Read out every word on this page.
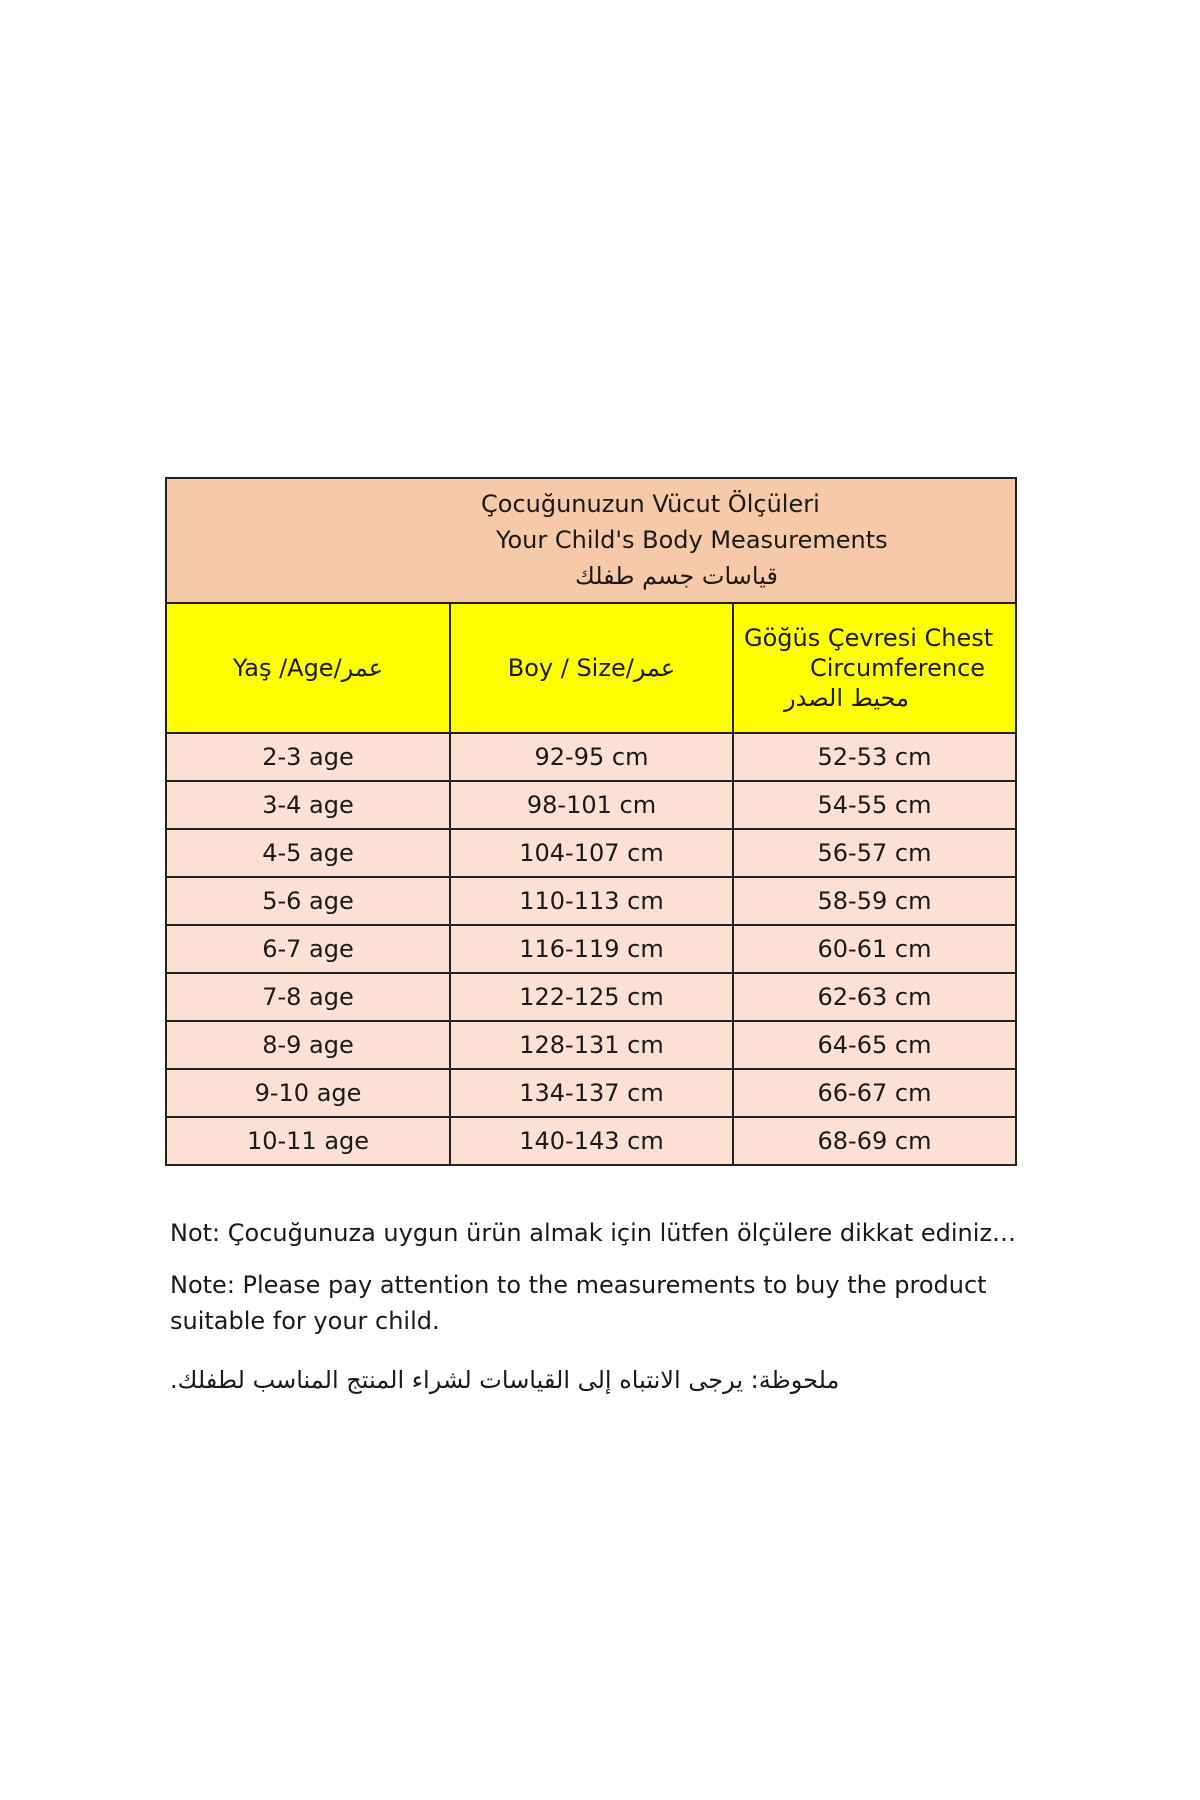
Çocuğunuzun Vücut Ölçüleri
Your Child's Body Measurements
قياسات جسم طفلك
Yaş /Age/عمر	Boy / Size/عمر	Göğüs Çevresi Chest
Circumference
محيط الصدر

2-3 age	92-95 cm	52-53 cm
3-4 age	98-101 cm	54-55 cm
4-5 age	104-107 cm	56-57 cm
5-6 age	110-113 cm	58-59 cm
6-7 age	116-119 cm	60-61 cm
7-8 age	122-125 cm	62-63 cm
8-9 age	128-131 cm	64-65 cm
9-10 age	134-137 cm	66-67 cm
10-11 age	140-143 cm	68-69 cm

Not: Çocuğunuza uygun ürün almak için lütfen ölçülere dikkat ediniz…

Note: Please pay attention to the measurements to buy the product
suitable for your child.

ملحوظة: يرجى الانتباه إلى القياسات لشراء المنتج المناسب لطفلك.
